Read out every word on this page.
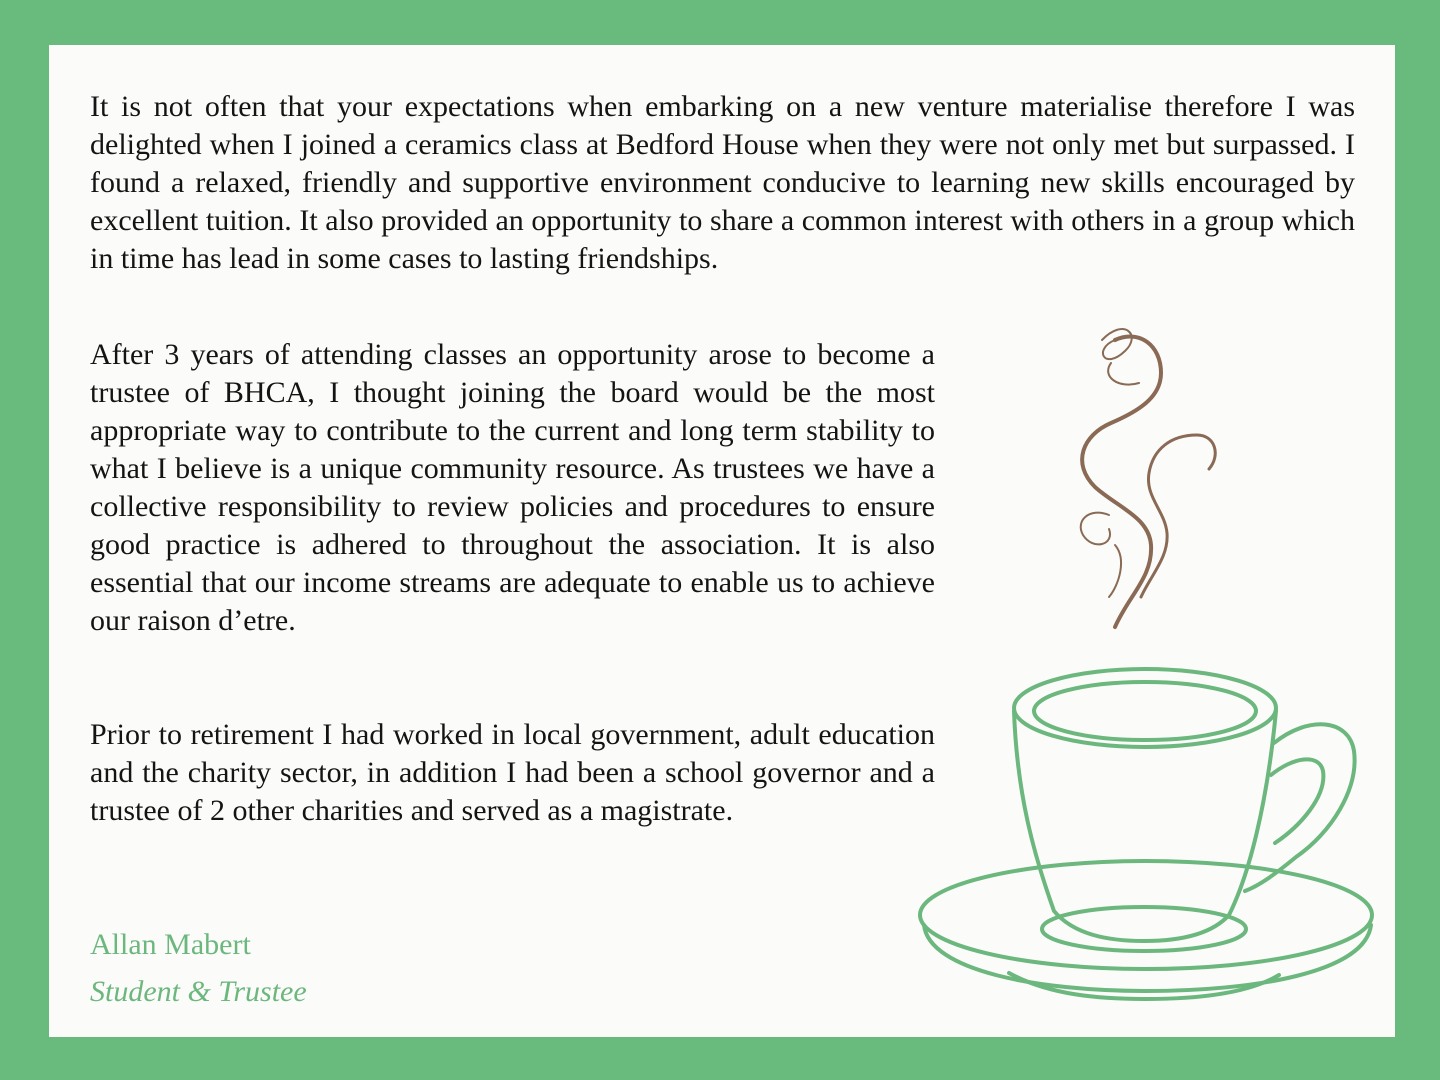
It is not often that your expectations when embarking on a new venture materialise therefore I was delighted when I joined a ceramics class at Bedford House when they were not only met but surpassed. I found a relaxed, friendly and supportive environment conducive to learning new skills encouraged by excellent tuition. It also provided an opportunity to share a common interest with others in a group which in time has lead in some cases to lasting friendships.

After 3 years of attending classes an opportunity arose to become a trustee of BHCA, I thought joining the board would be the most appropriate way to contribute to the current and long term stability to what I believe is a unique community resource. As trustees we have a collective responsibility to review policies and procedures to ensure good practice is adhered to throughout the association. It is also essential that our income streams are adequate to enable us to achieve our raison d’etre.

Prior to retirement I had worked in local government, adult education and the charity sector, in addition I had been a school governor and a trustee of 2 other charities and served as a magistrate.

Allan Mabert

Student & Trustee
